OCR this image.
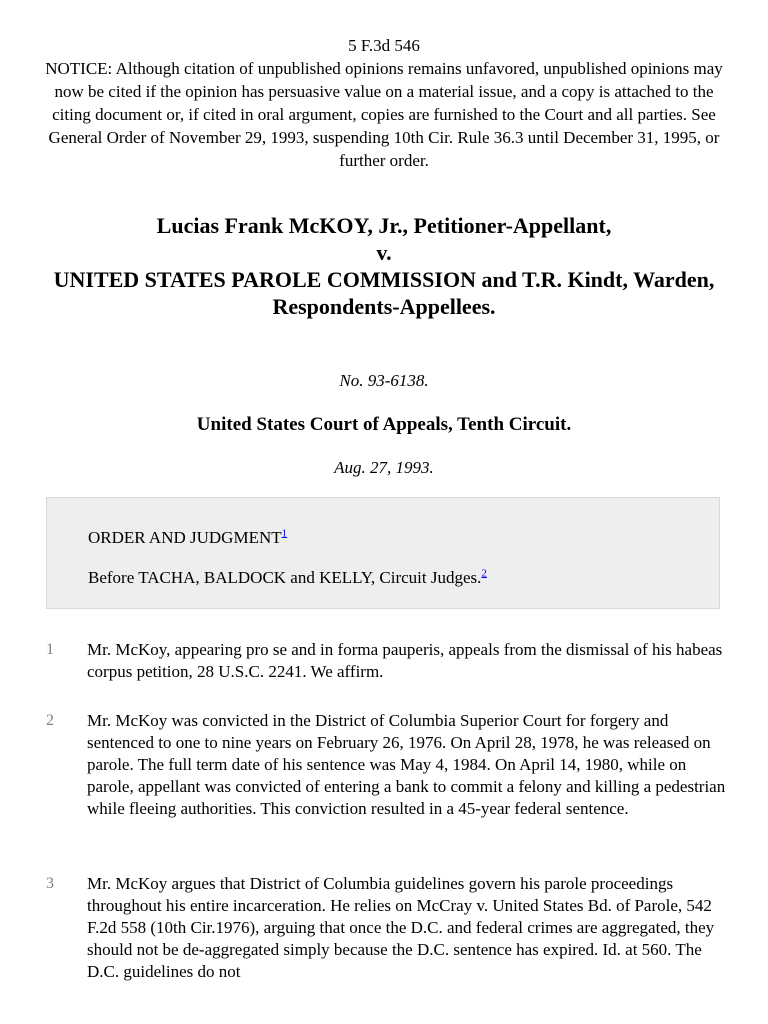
5 F.3d 546
NOTICE: Although citation of unpublished opinions remains unfavored, unpublished opinions may now be cited if the opinion has persuasive value on a material issue, and a copy is attached to the citing document or, if cited in oral argument, copies are furnished to the Court and all parties. See General Order of November 29, 1993, suspending 10th Cir. Rule 36.3 until December 31, 1995, or further order.
Lucias Frank McKOY, Jr., Petitioner-Appellant,
v.
UNITED STATES PAROLE COMMISSION and T.R. Kindt, Warden,
Respondents-Appellees.
No. 93-6138.
United States Court of Appeals, Tenth Circuit.
Aug. 27, 1993.
ORDER AND JUDGMENT$^1$
Before TACHA, BALDOCK and KELLY, Circuit Judges.$^2$
1	Mr. McKoy, appearing pro se and in forma pauperis, appeals from the dismissal of his habeas corpus petition, 28 U.S.C. 2241. We affirm.
2	Mr. McKoy was convicted in the District of Columbia Superior Court for forgery and sentenced to one to nine years on February 26, 1976. On April 28, 1978, he was released on parole. The full term date of his sentence was May 4, 1984. On April 14, 1980, while on parole, appellant was convicted of entering a bank to commit a felony and killing a pedestrian while fleeing authorities. This conviction resulted in a 45-year federal sentence.
3	Mr. McKoy argues that District of Columbia guidelines govern his parole proceedings throughout his entire incarceration. He relies on McCray v. United States Bd. of Parole, 542 F.2d 558 (10th Cir.1976), arguing that once the D.C. and federal crimes are aggregated, they should not be de-aggregated simply because the D.C. sentence has expired. Id. at 560. The D.C. guidelines do not
